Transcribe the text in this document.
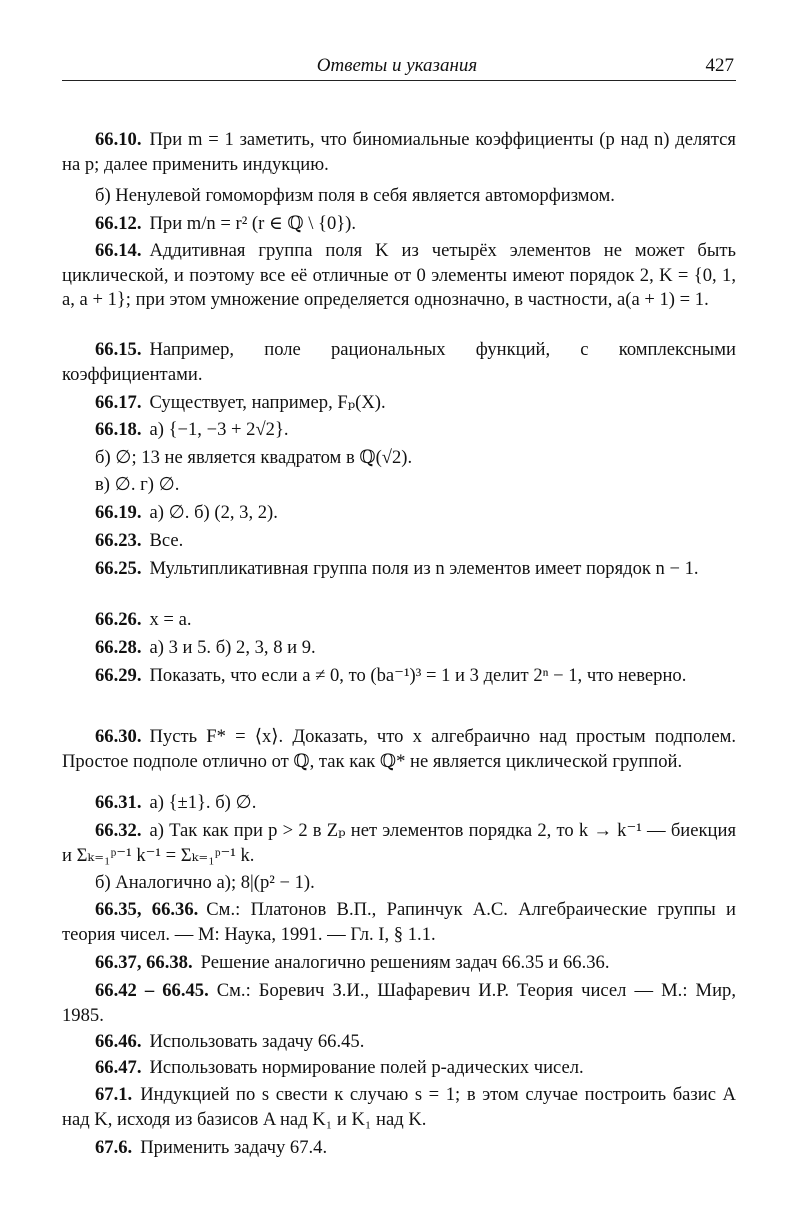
Ответы и указания	427
66.10. При m = 1 заметить, что биномиальные коэффициенты (p над n) делятся на p; далее применить индукцию.
б) Ненулевой гомоморфизм поля в себя является автоморфизмом.
66.12. При m/n = r² (r ∈ ℚ \ {0}).
66.14. Аддитивная группа поля K из четырёх элементов не может быть циклической, и поэтому все её отличные от 0 элементы имеют порядок 2, K = {0, 1, a, a + 1}; при этом умножение определяется однозначно, в частности, a(a + 1) = 1.
66.15. Например, поле рациональных функций, с комплексными коэффициентами.
66.17. Существует, например, Fₚ(X).
66.18. а) {−1, −3 + 2√2}.
б) ∅; 13 не является квадратом в ℚ(√2).
в) ∅. г) ∅.
66.19. а) ∅. б) (2, 3, 2).
66.23. Все.
66.25. Мультипликативная группа поля из n элементов имеет порядок n − 1.
66.26. x = a.
66.28. а) 3 и 5. б) 2, 3, 8 и 9.
66.29. Показать, что если a ≠ 0, то (ba⁻¹)³ = 1 и 3 делит 2ⁿ − 1, что неверно.
66.30. Пусть F* = ⟨x⟩. Доказать, что x алгебраично над простым подполем. Простое подполе отлично от ℚ, так как ℚ* не является циклической группой.
66.31. а) {±1}. б) ∅.
66.32. а) Так как при p > 2 в Zₚ нет элементов порядка 2, то k → k⁻¹ — биекция и Σₖ₌₁ᵖ⁻¹ k⁻¹ = Σₖ₌₁ᵖ⁻¹ k.
б) Аналогично а); 8|(p² − 1).
66.35, 66.36. См.: Платонов В.П., Рапинчук А.С. Алгебраические группы и теория чисел. — М: Наука, 1991. — Гл. I, § 1.1.
66.37, 66.38. Решение аналогично решениям задач 66.35 и 66.36.
66.42 – 66.45. См.: Боревич З.И., Шафаревич И.Р. Теория чисел — М.: Мир, 1985.
66.46. Использовать задачу 66.45.
66.47. Использовать нормирование полей p-адических чисел.
67.1. Индукцией по s свести к случаю s = 1; в этом случае построить базис A над K, исходя из базисов A над K₁ и K₁ над K.
67.6. Применить задачу 67.4.
